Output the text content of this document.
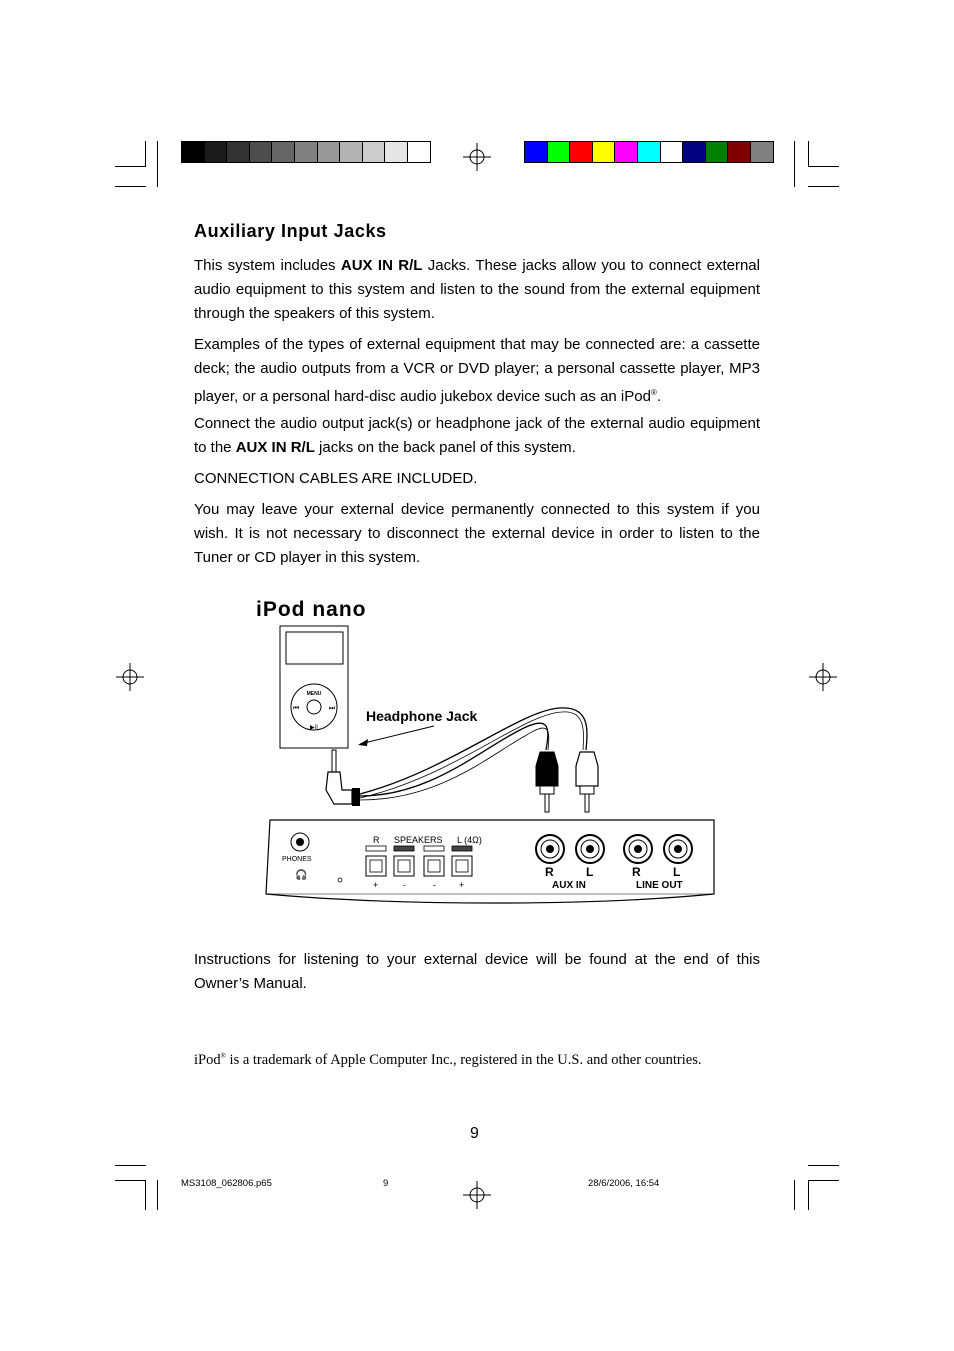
Auxiliary Input Jacks

This system includes AUX IN R/L Jacks. These jacks allow you to connect external audio equipment to this system and listen to the sound from the external equipment through the speakers of this system.

Examples of the types of external equipment that may be connected are: a cassette deck; the audio outputs from a VCR or DVD player; a personal cassette player, MP3 player, or a personal hard-disc audio jukebox device such as an iPod®.

Connect the audio output jack(s) or headphone jack of the external audio equipment to the AUX IN R/L jacks on the back panel of this system.

CONNECTION CABLES ARE INCLUDED.

You may leave your external device permanently connected to this system if you wish. It is not necessary to disconnect the external device in order to listen to the Tuner or CD player in this system.

iPod nano
MENU
▶II
⏮	⏭ Headphone Jack
PHONES
🎧
R SPEAKERS L (4Ω)
+	-	-	+
R	L
AUX IN
R	L
LINE OUT

Instructions for listening to your external device will be found at the end of this Owner’s Manual.

iPod® is a trademark of Apple Computer Inc., registered in the U.S. and other countries.
9
MS3108_062806.p65	9	28/6/2006, 16:54
